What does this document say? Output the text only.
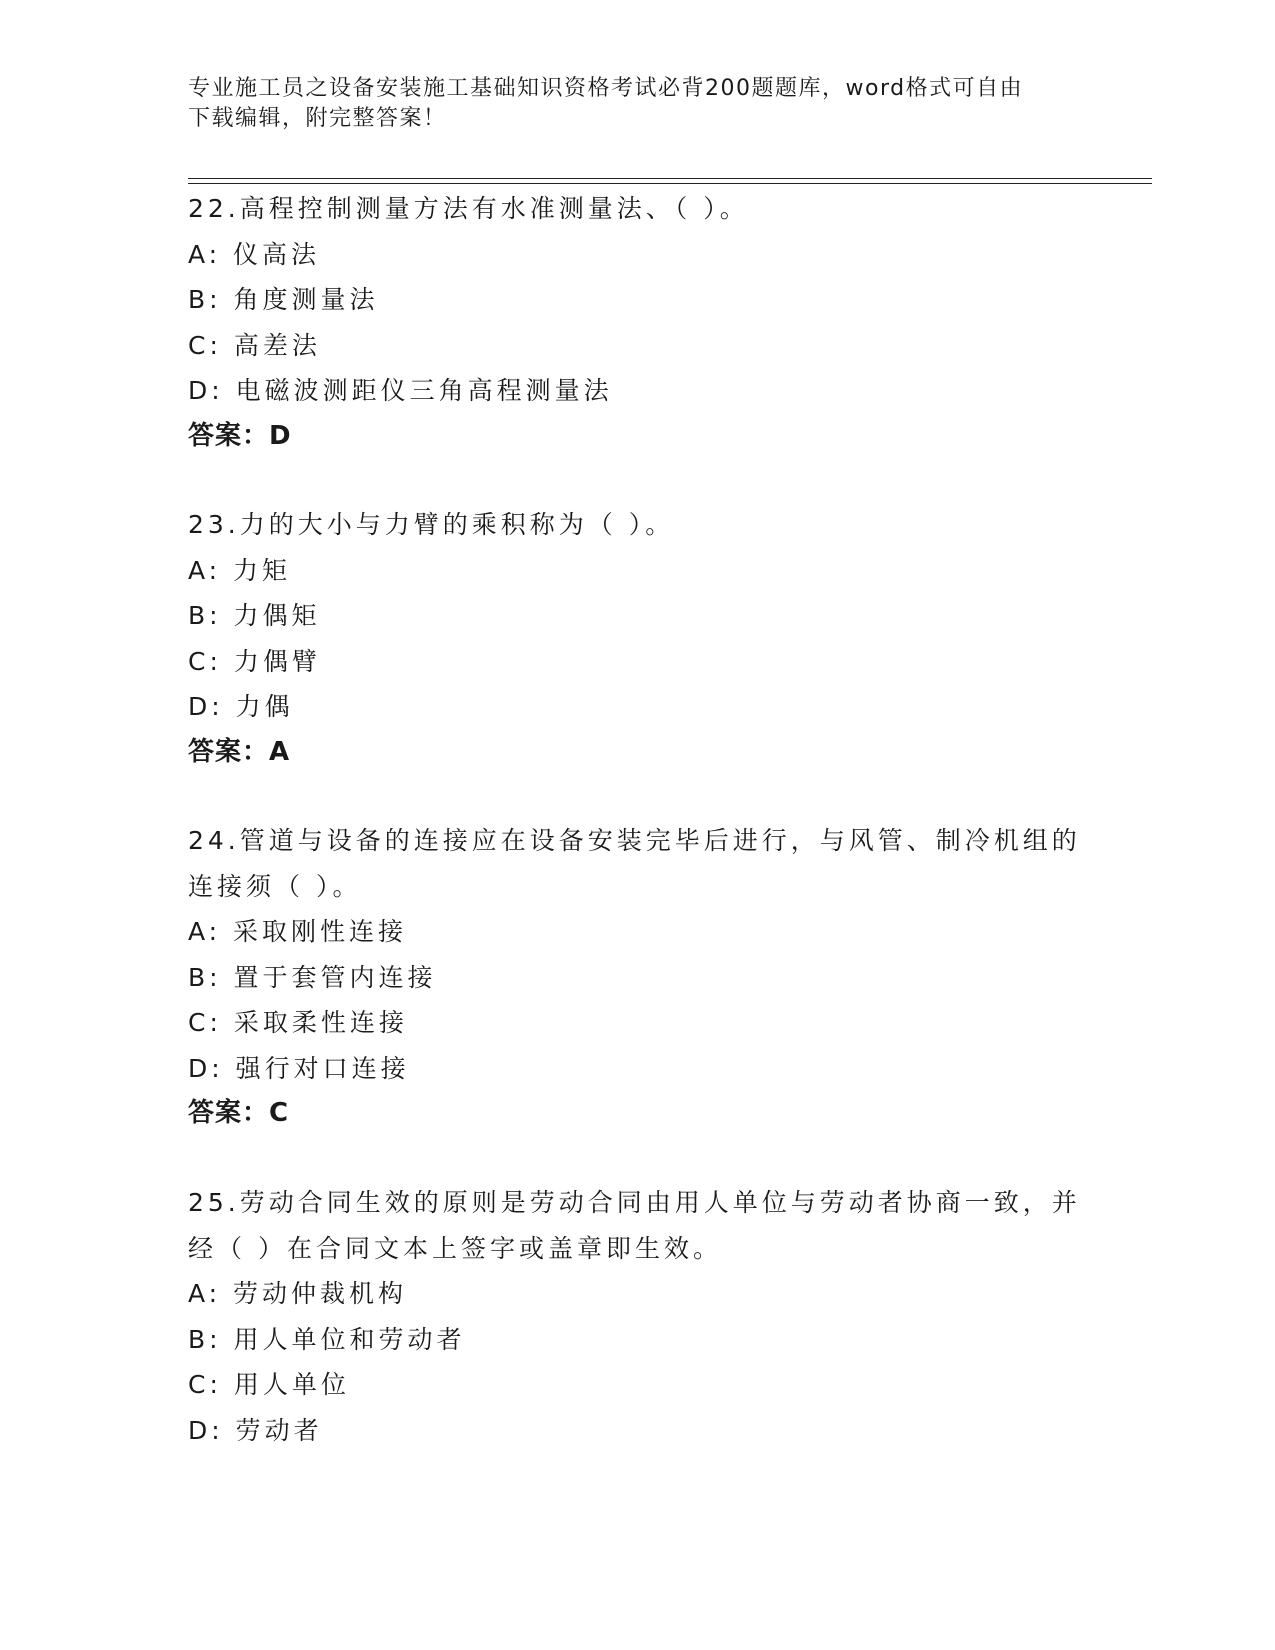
专业施工员之设备安装施工基础知识资格考试必背200题题库，word格式可自由
下载编辑，附完整答案！
22.高程控制测量方法有水准测量法、（ ）。
A: 仪高法
B: 角度测量法
C: 高差法
D: 电磁波测距仪三角高程测量法
答案：D
23.力的大小与力臂的乘积称为（ ）。
A: 力矩
B: 力偶矩
C: 力偶臂
D: 力偶
答案：A
24.管道与设备的连接应在设备安装完毕后进行，与风管、制冷机组的
连接须（ ）。
A: 采取刚性连接
B: 置于套管内连接
C: 采取柔性连接
D: 强行对口连接
答案：C
25.劳动合同生效的原则是劳动合同由用人单位与劳动者协商一致，并
经（ ）在合同文本上签字或盖章即生效。
A: 劳动仲裁机构
B: 用人单位和劳动者
C: 用人单位
D: 劳动者
